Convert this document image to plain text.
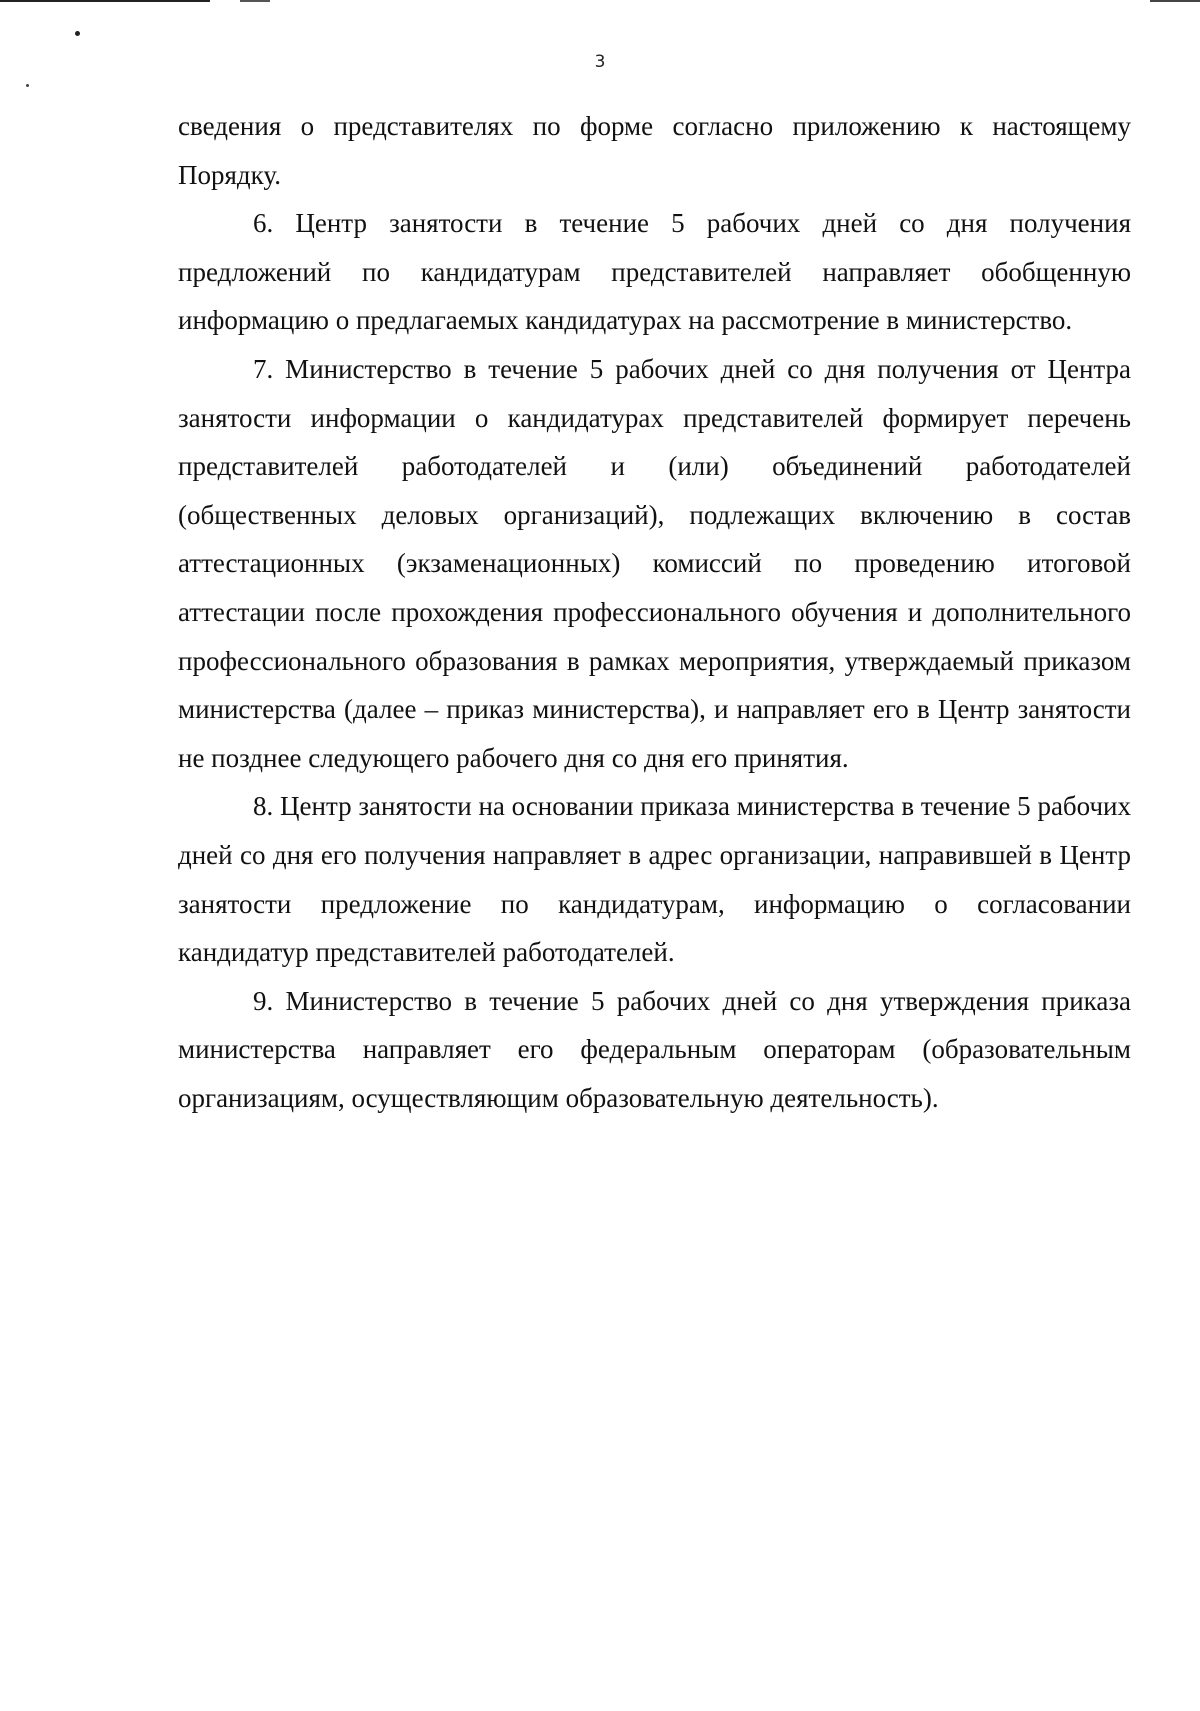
3

сведения о представителях по форме согласно приложению к настоящему Порядку.

6. Центр занятости в течение 5 рабочих дней со дня получения предложений по кандидатурам представителей направляет обобщенную информацию о предлагаемых кандидатурах на рассмотрение в министерство.

7. Министерство в течение 5 рабочих дней со дня получения от Центра занятости информации о кандидатурах представителей формирует перечень представителей работодателей и (или) объединений работодателей (общественных деловых организаций), подлежащих включению в состав аттестационных (экзаменационных) комиссий по проведению итоговой аттестации после прохождения профессионального обучения и дополнительного профессионального образования в рамках мероприятия, утверждаемый приказом министерства (далее – приказ министерства), и направляет его в Центр занятости не позднее следующего рабочего дня со дня его принятия.

8. Центр занятости на основании приказа министерства в течение 5 рабочих дней со дня его получения направляет в адрес организации, направившей в Центр занятости предложение по кандидатурам, информацию о согласовании кандидатур представителей работодателей.

9. Министерство в течение 5 рабочих дней со дня утверждения приказа министерства направляет его федеральным операторам (образовательным организациям, осуществляющим образовательную деятельность).
